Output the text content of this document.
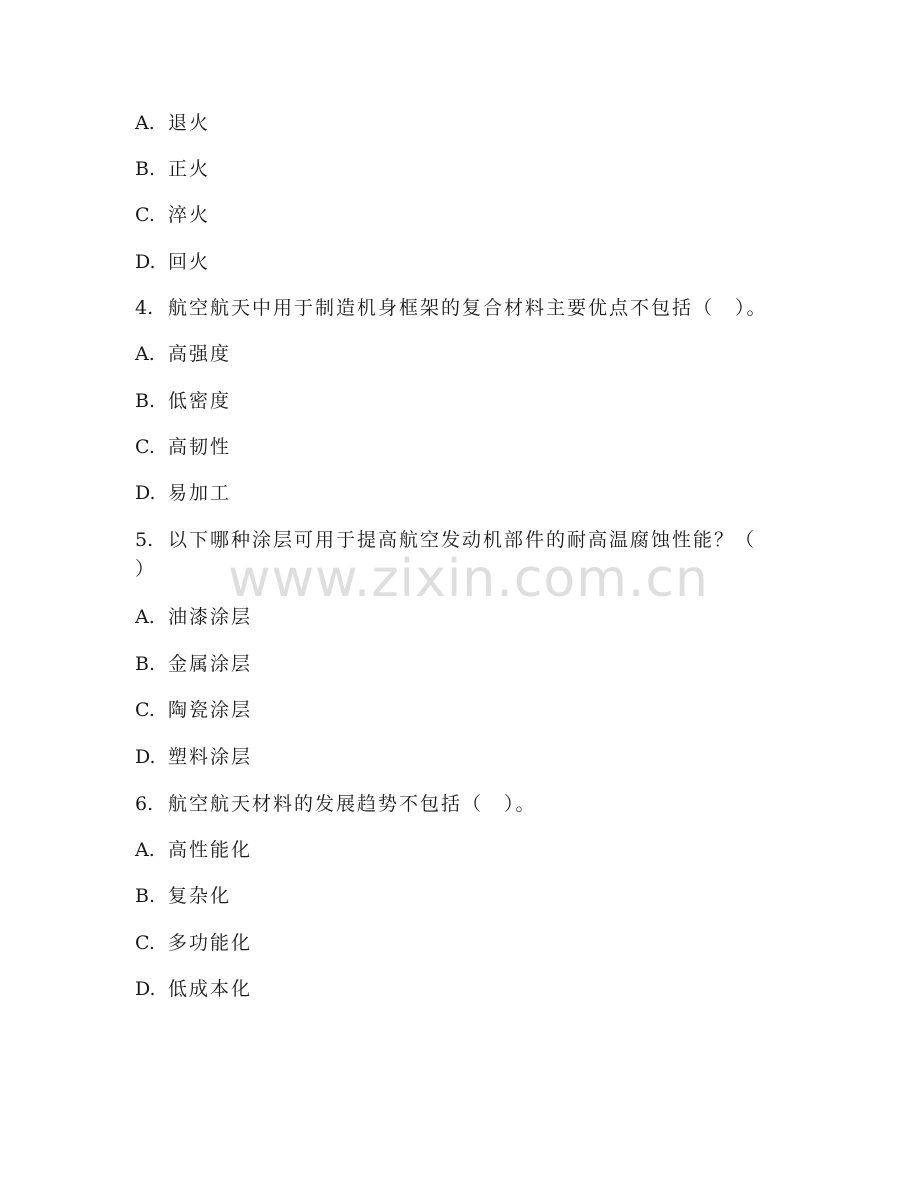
A. 退火
B. 正火
C. 淬火
D. 回火
4. 航空航天中用于制造机身框架的复合材料主要优点不包括（　）。
A. 高强度
B. 低密度
C. 高韧性
D. 易加工
5. 以下哪种涂层可用于提高航空发动机部件的耐高温腐蚀性能？（
）
A. 油漆涂层
B. 金属涂层
C. 陶瓷涂层
D. 塑料涂层
6. 航空航天材料的发展趋势不包括（　）。
A. 高性能化
B. 复杂化
C. 多功能化
D. 低成本化
www.zixin.com.cn
